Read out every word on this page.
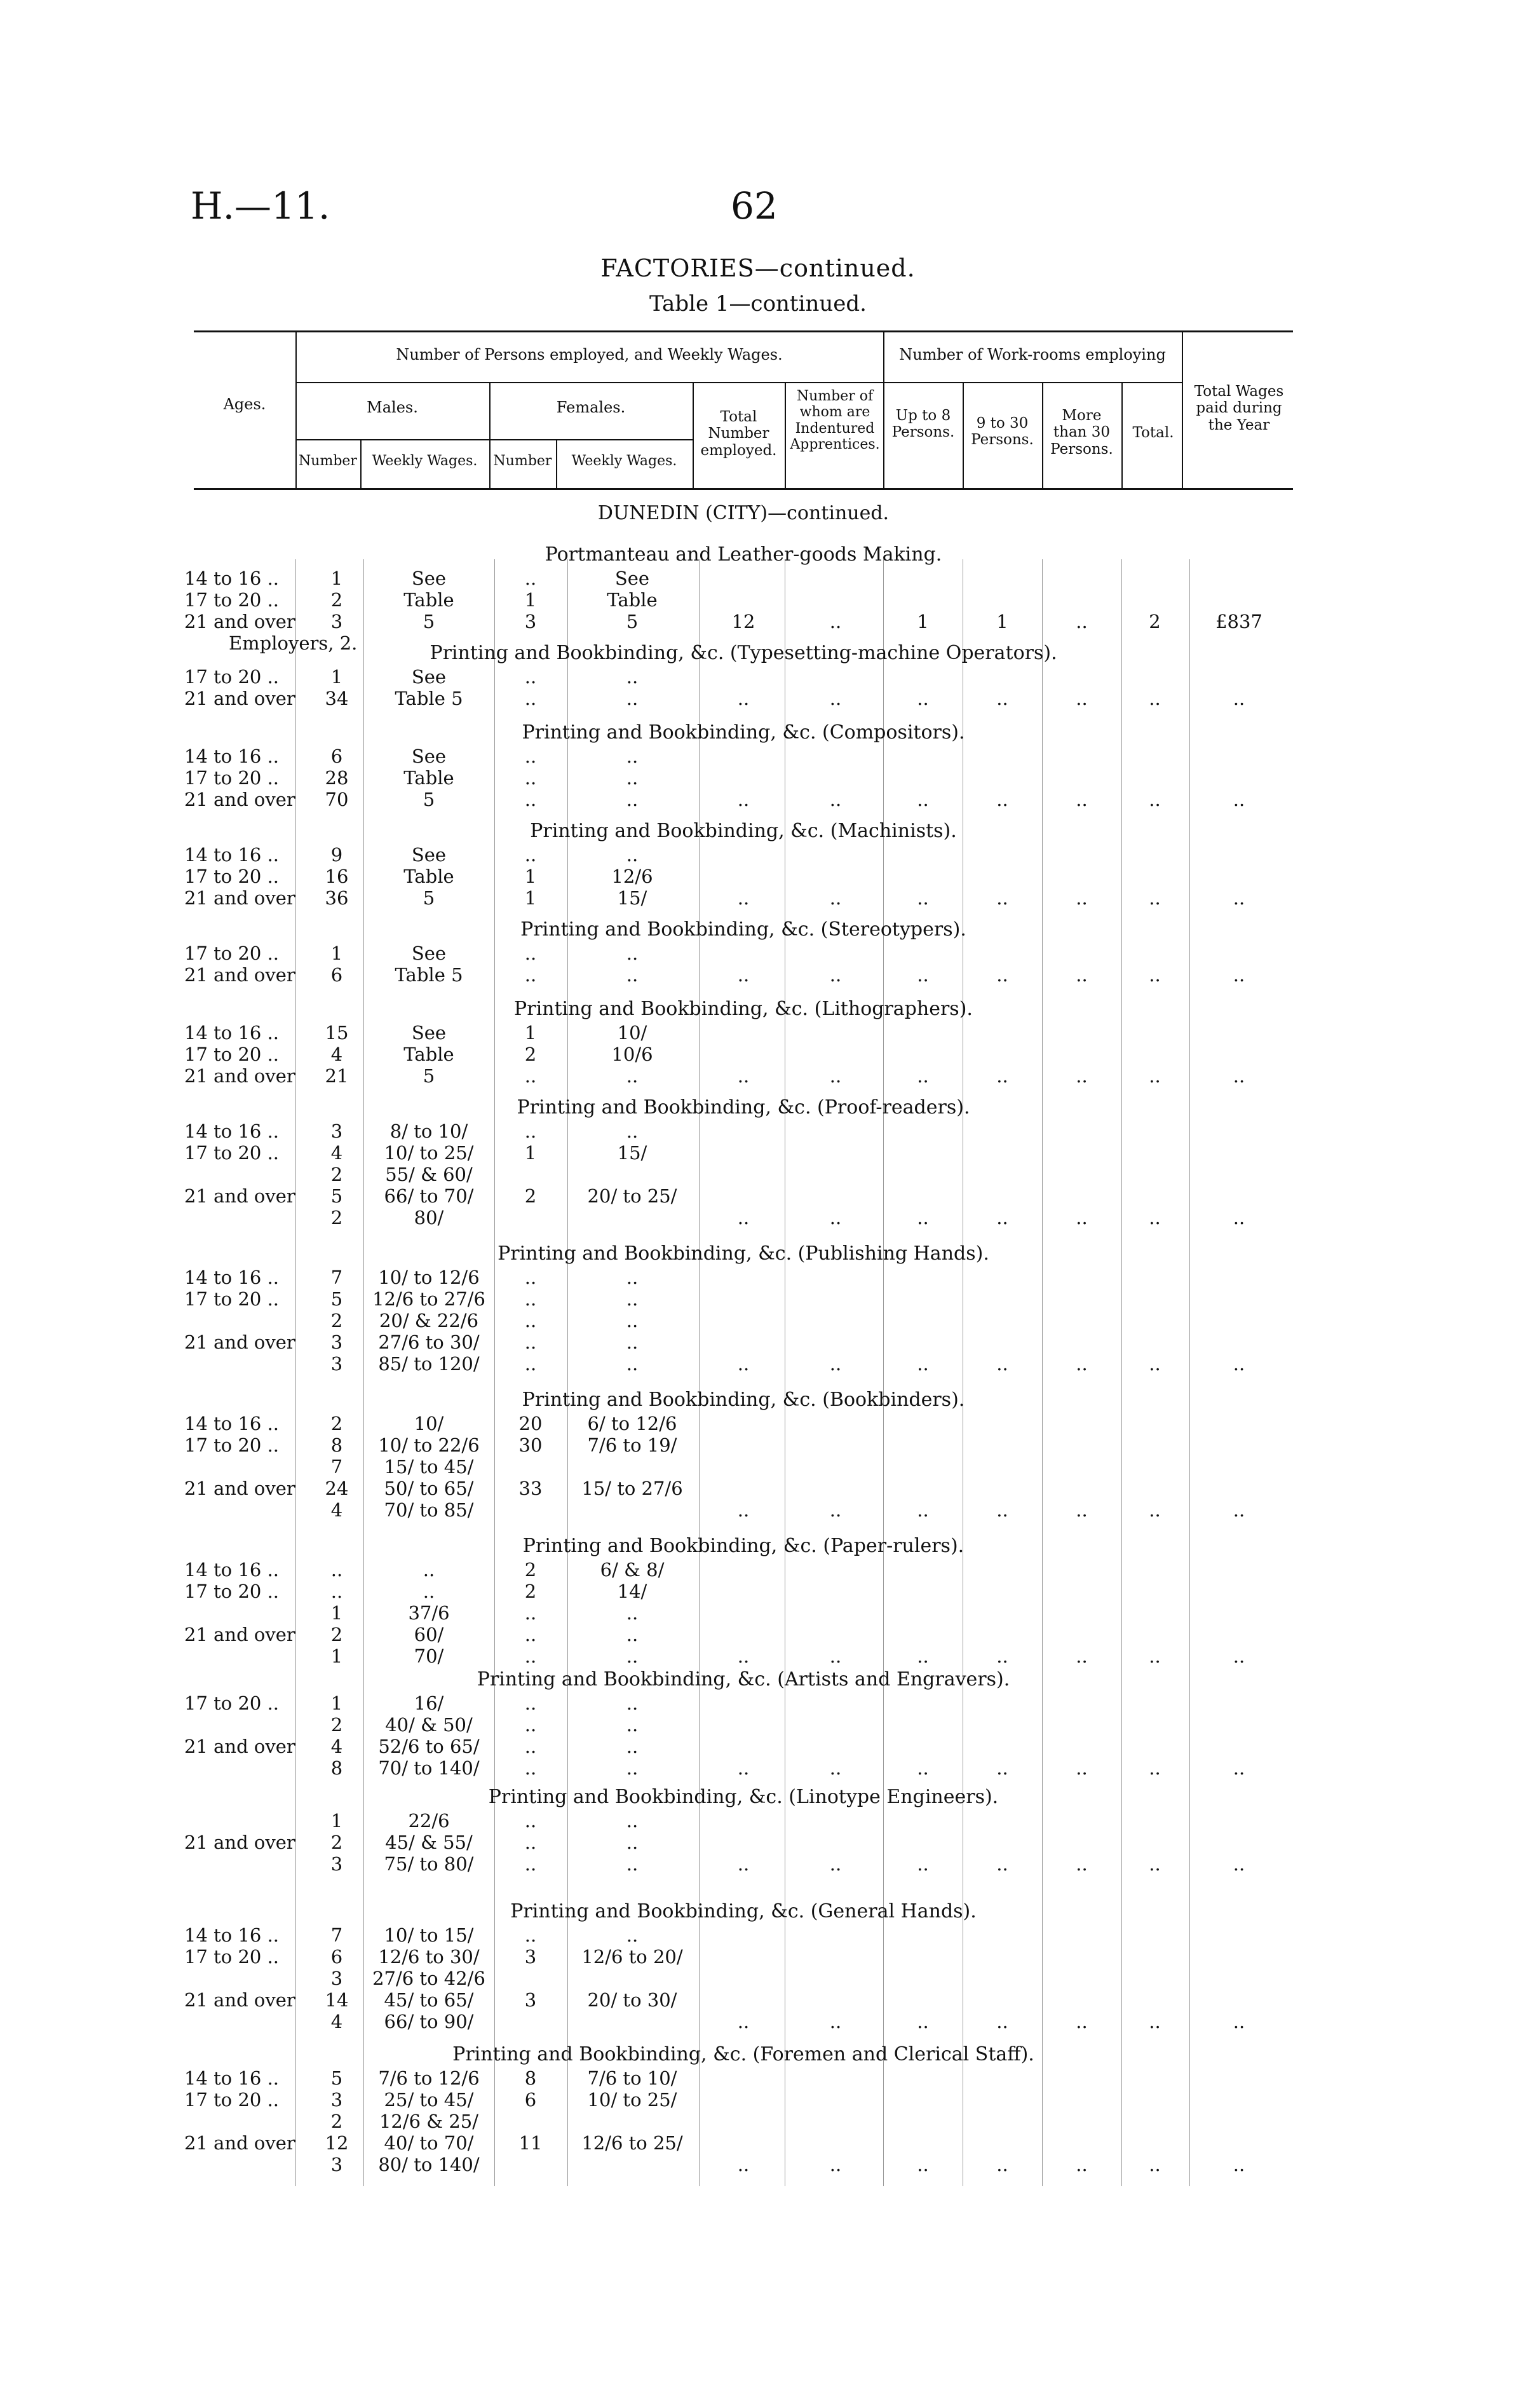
H.—11.	62
FACTORIES—continued.
Table 1—continued.
Ages.
Number of Persons employed, and Weekly Wages.
Males.	Females.
Number	Weekly Wages.	Number	Weekly Wages.
Total Number employed.
Number of whom are Indentured Apprentices.
Number of Work-rooms employing
Up to 8 Persons.
9 to 30 Persons.
More than 30 Persons.
Total.
Total Wages paid during the Year
DUNEDIN (CITY)—continued.
Portmanteau and Leather-goods Making.
14 to 16 ..	1	See	..	See
17 to 20 ..	2	Table	1	Table
21 and over	3	5	3	5	12	..	1	1	..	2	£837
Employers, 2.	Printing and Bookbinding, &c. (Typesetting-machine Operators).
17 to 20 ..	1	See	..	..
21 and over	34	Table 5	..	..	..	..	..	..	..	..	..
Printing and Bookbinding, &c. (Compositors).
14 to 16 ..	6	See	..	..
17 to 20 ..	28	Table	..	..
21 and over	70	5	..	..	..	..	..	..	..	..	..
Printing and Bookbinding, &c. (Machinists).
14 to 16 ..	9	See	..	..
17 to 20 ..	16	Table	1	12/6
21 and over	36	5	1	15/	..	..	..	..	..	..	..
Printing and Bookbinding, &c. (Stereotypers).
17 to 20 ..	1	See	..	..
21 and over	6	Table 5	..	..	..	..	..	..	..	..	..
Printing and Bookbinding, &c. (Lithographers).
14 to 16 ..	15	See	1	10/
17 to 20 ..	4	Table	2	10/6
21 and over	21	5	..	..	..	..	..	..	..	..	..
Printing and Bookbinding, &c. (Proof-readers).
14 to 16 ..	3	8/ to 10/	..	..
17 to 20 ..	4	10/ to 25/	1	15/
2	55/ & 60/
21 and over	5	66/ to 70/	2	20/ to 25/
2	80/	..	..	..	..	..	..	..
Printing and Bookbinding, &c. (Publishing Hands).
14 to 16 ..	7	10/ to 12/6	..	..
17 to 20 ..	5	12/6 to 27/6	..	..
2	20/ & 22/6	..	..
21 and over	3	27/6 to 30/	..	..
3	85/ to 120/	..	..	..	..	..	..	..	..	..
Printing and Bookbinding, &c. (Bookbinders).
14 to 16 ..	2	10/	20	6/ to 12/6
17 to 20 ..	8	10/ to 22/6	30	7/6 to 19/
7	15/ to 45/
21 and over	24	50/ to 65/	33	15/ to 27/6
4	70/ to 85/	..	..	..	..	..	..	..
Printing and Bookbinding, &c. (Paper-rulers).
14 to 16 ..	..	..	2	6/ & 8/
17 to 20 ..	..	..	2	14/
1	37/6	..	..
21 and over	2	60/	..	..
1	70/	..	..	..	..	..	..	..	..	..
Printing and Bookbinding, &c. (Artists and Engravers).
17 to 20 ..	1	16/	..	..
2	40/ & 50/	..	..
21 and over	4	52/6 to 65/	..	..
8	70/ to 140/	..	..	..	..	..	..	..	..	..
Printing and Bookbinding, &c. (Linotype Engineers).
1	22/6	..	..
21 and over	2	45/ & 55/	..	..
3	75/ to 80/	..	..	..	..	..	..	..	..	..
Printing and Bookbinding, &c. (General Hands).
14 to 16 ..	7	10/ to 15/	..	..
17 to 20 ..	6	12/6 to 30/	3	12/6 to 20/
3	27/6 to 42/6
21 and over	14	45/ to 65/	3	20/ to 30/
4	66/ to 90/	..	..	..	..	..	..	..
Printing and Bookbinding, &c. (Foremen and Clerical Staff).
14 to 16 ..	5	7/6 to 12/6	8	7/6 to 10/
17 to 20 ..	3	25/ to 45/	6	10/ to 25/
2	12/6 & 25/
21 and over	12	40/ to 70/	11	12/6 to 25/
3	80/ to 140/	..	..	..	..	..	..	..
